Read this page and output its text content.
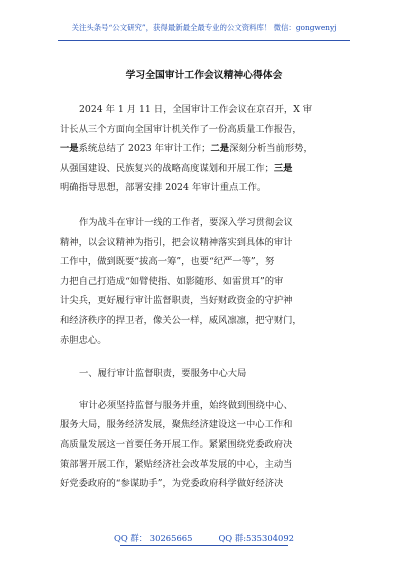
关注头条号“公文研究”，获得最新最全最专业的公文资料库！ 微信：gongwenyj
学习全国审计工作会议精神心得体会

2024 年 1 月 11 日，全国审计工作会议在京召开，X 审
计长从三个方面向全国审计机关作了一份高质量工作报告，
一是系统总结了 2023 年审计工作；二是深刻分析当前形势，
从强国建设、民族复兴的战略高度谋划和开展工作；三是
明确指导思想，部署安排 2024 年审计重点工作。

作为战斗在审计一线的工作者，要深入学习贯彻会议
精神，以会议精神为指引，把会议精神落实到具体的审计
工作中，做到既要“拔高一筹”，也要“纪严一等”，努
力把自己打造成“如臂使指、如影随形、如雷贯耳”的审
计尖兵，更好履行审计监督职责，当好财政资金的守护神
和经济秩序的捍卫者，像关公一样，威风凛凛，把守财门，
赤胆忠心。

一、履行审计监督职责，要服务中心大局

审计必须坚持监督与服务并重，始终做到围绕中心、
服务大局，服务经济发展，聚焦经济建设这一中心工作和
高质量发展这一首要任务开展工作。紧紧围绕党委政府决
策部署开展工作，紧贴经济社会改革发展的中心，主动当
好党委政府的“参谋助手”，为党委政府科学做好经济决

QQ 群： 30265665	QQ 群:535304092
